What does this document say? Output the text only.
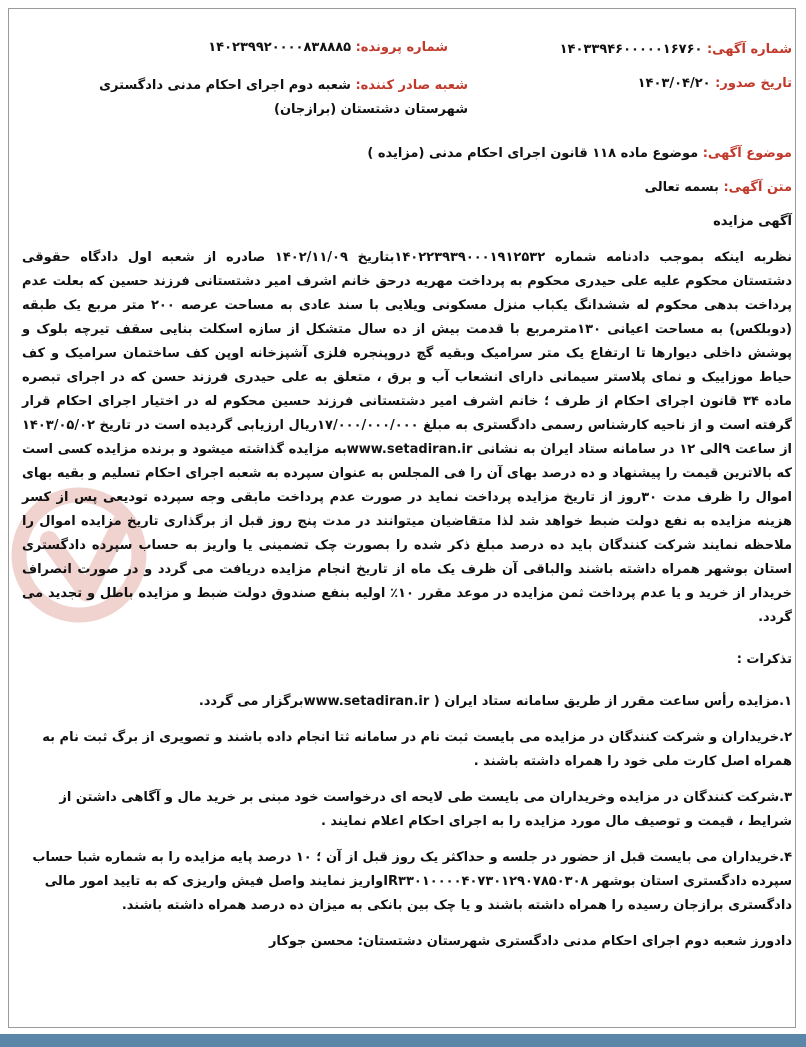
شماره آگهی: ۱۴۰۳۳۹۴۶۰۰۰۰۰۱۶۷۶۰
شماره پرونده: ۱۴۰۲۳۹۹۲۰۰۰۰۸۳۸۸۸۵
تاریخ صدور: ۱۴۰۳/۰۴/۲۰
شعبه صادر کننده: شعبه دوم اجرای احکام مدنی دادگستری شهرستان دشتستان (برازجان)
موضوع آگهی: موضوع ماده ۱۱۸ قانون اجرای احکام مدنی (مزایده )
متن آگهی: بسمه تعالی
آگهی مزایده
نظربه اینکه بموجب دادنامه شماره ۱۴۰۲۲۳۹۳۹۰۰۰۱۹۱۲۵۳۲بتاریخ ۱۴۰۲/۱۱/۰۹ صادره از شعبه اول دادگاه حقوقی دشتستان محکوم علیه علی حیدری محکوم به پرداخت مهریه درحق خانم اشرف امیر دشتستانی فرزند حسین که بعلت عدم پرداخت بدهی محکوم له ششدانگ یکباب منزل مسکونی ویلایی با سند عادی به مساحت عرصه ۲۰۰ متر مربع یک طبقه (دوبلکس) به مساحت اعیانی ۱۳۰مترمربع با قدمت بیش از ده سال متشکل از سازه اسکلت بنایی سقف تیرچه بلوک و پوشش داخلی دیوارها تا ارتفاع یک متر سرامیک وبقیه گچ دروپنجره فلزی آشپزخانه اوپن کف ساختمان سرامیک و کف حیاط موزاییک و نمای پلاستر سیمانی دارای انشعاب آب و برق ، متعلق به علی حیدری فرزند حسن که در اجرای تبصره ماده ۳۴ قانون اجرای احکام از طرف ؛ خانم اشرف امیر دشتستانی فرزند حسین محکوم له در اختیار اجرای احکام قرار گرفته است و از ناحیه کارشناس رسمی دادگستری به مبلغ ۱۷/۰۰۰/۰۰۰/۰۰۰ریال ارزیابی گردیده است در تاریخ ۱۴۰۳/۰۵/۰۲ از ساعت ۹الی ۱۲ در سامانه ستاد ایران به نشانی www.setadiran.irبه مزایده گذاشته میشود و برنده مزایده کسی است که بالاترین قیمت را پیشنهاد و ده درصد بهای آن را فی المجلس به عنوان سپرده به شعبه اجرای احکام تسلیم و بقیه بهای اموال را ظرف مدت ۳۰روز از تاریخ مزایده پرداخت نماید در صورت عدم پرداخت مابقی وجه سپرده تودیعی پس از کسر هزینه مزایده به نفع دولت ضبط خواهد شد لذا متقاضیان میتوانند در مدت پنج روز قبل از برگذاری تاریخ مزایده اموال را ملاحظه نمایند شرکت کنندگان باید ده درصد مبلغ ذکر شده را بصورت چک تضمینی یا واریز به حساب سپرده دادگستری استان بوشهر همراه داشته باشند والباقی آن ظرف یک ماه از تاریخ انجام مزایده دریافت می گردد و در صورت انصراف خریدار از خرید و یا عدم پرداخت ثمن مزایده در موعد مقرر ۱۰٪ اولیه بنفع صندوق دولت ضبط و مزایده باطل و تجدید می گردد.
تذکرات :
۱.مزایده رأس ساعت مقرر از طریق سامانه ستاد ایران ( www.setadiran.irبرگزار می گردد.
۲.خریداران و شرکت کنندگان در مزایده می بایست ثبت نام در سامانه ثتا انجام داده باشند و تصویری از برگ ثبت نام به همراه اصل کارت ملی خود را همراه داشته باشند .
۳.شرکت کنندگان در مزایده وخریداران می بایست طی لایحه ای درخواست خود مبنی بر خرید مال و آگاهی داشتن از شرایط ، قیمت و توصیف مال مورد مزایده را به اجرای احکام اعلام نمایند .
۴.خریداران می بایست قبل از حضور در جلسه و حداکثر یک روز قبل از آن ؛ ۱۰ درصد پایه مزایده را به شماره شبا حساب سپرده دادگستری استان بوشهر IR۳۳۰۱۰۰۰۰۴۰۷۳۰۱۲۹۰۷۸۵۰۳۰۸واریز نمایند واصل فیش واریزی که به تایید امور مالی دادگستری برازجان رسیده را همراه داشته باشند و یا چک بین بانکی به میزان ده درصد همراه داشته باشند.
دادورز شعبه دوم اجرای احکام مدنی دادگستری شهرستان دشتستان: محسن جوکار
